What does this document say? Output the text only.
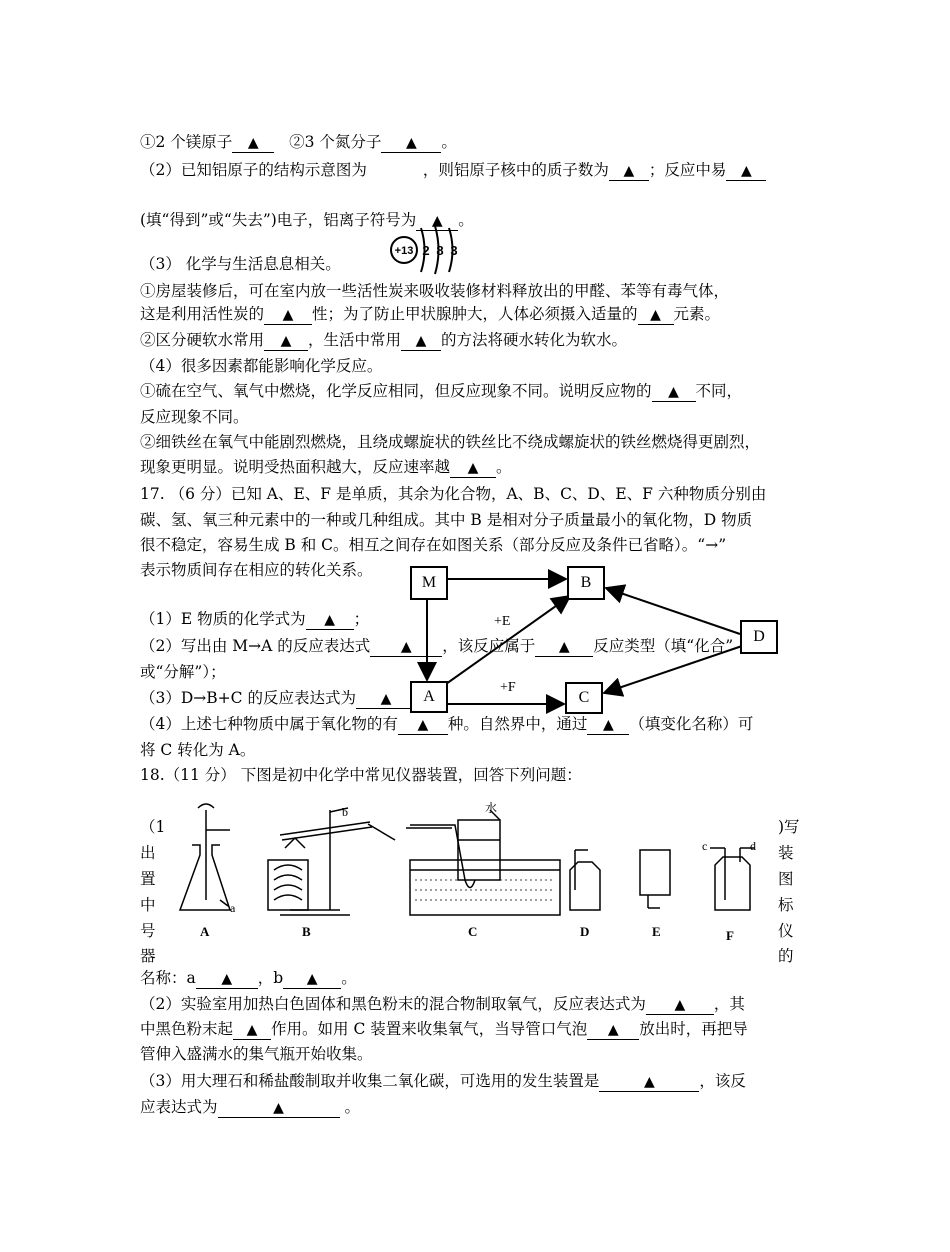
①2 个镁原子 ▲ ②3 个氮分子 ▲ 。
（2）已知铝原子的结构示意图为	，则铝原子核中的质子数为 ▲ ；反应中易 ▲
(填“得到”或“失去”)电子，铝离子符号为 ▲ 。
+13 2 8 3
（3） 化学与生活息息相关。
①房屋装修后，可在室内放一些活性炭来吸收装修材料释放出的甲醛、苯等有毒气体，
这是利用活性炭的 ▲ 性；为了防止甲状腺肿大，人体必须摄入适量的 ▲ 元素。
②区分硬软水常用 ▲ ，生活中常用 ▲ 的方法将硬水转化为软水。
（4）很多因素都能影响化学反应。
①硫在空气、氧气中燃烧，化学反应相同，但反应现象不同。说明反应物的 ▲ 不同，
反应现象不同。
②细铁丝在氧气中能剧烈燃烧，且绕成螺旋状的铁丝比不绕成螺旋状的铁丝燃烧得更剧烈，
现象更明显。说明受热面积越大，反应速率越 ▲ 。
17. （6 分）已知 A、E、F 是单质，其余为化合物，A、B、C、D、E、F 六种物质分别由
碳、氢、氧三种元素中的一种或几种组成。其中 B 是相对分子质量最小的氧化物，D 物质
很不稳定，容易生成 B 和 C。相互之间存在如图关系（部分反应及条件已省略）。“→”
表示物质间存在相应的转化关系。
（1）E 物质的化学式为 ▲ ；
（2）写出由 M→A 的反应表达式 ▲ ，该反应属于 ▲ 反应类型（填“化合”
或“分解”）；
（3）D→B+C 的反应表达式为 ▲
（4）上述七种物质中属于氧化物的有 ▲ 种。自然界中，通过 ▲ （填变化名称）可
将 C 转化为 A。
M	B
A	C
D
+E
+F
18.（11 分） 下图是初中化学中常见仪器装置，回答下列问题：
（1
出
置
中
号
器
)写
装
图
标
仪
的
a
b
c	d
水
A	B	C	D	E	F
名称：a ▲ ，b ▲ 。
（2）实验室用加热白色固体和黑色粉末的混合物制取氧气，反应表达式为 ▲ ，其
中黑色粉末起 ▲ 作用。如用 C 装置来收集氧气，当导管口气泡 ▲ 放出时，再把导
管伸入盛满水的集气瓶开始收集。
（3）用大理石和稀盐酸制取并收集二氧化碳，可选用的发生装置是	▲	，该反
应表达式为	▲	。
